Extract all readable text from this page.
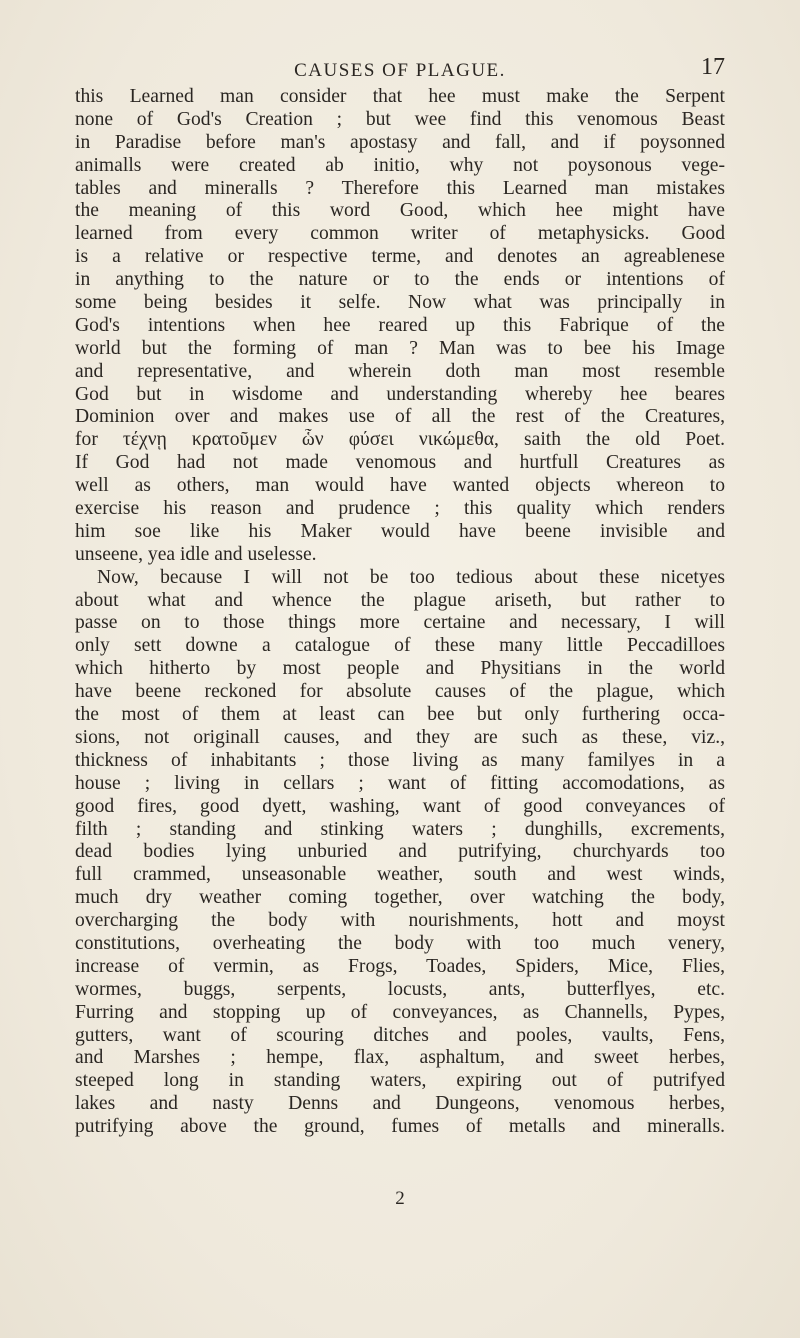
CAUSES OF PLAGUE.	17
this Learned man consider that hee must make the Serpent
none of God's Creation ; but wee find this venomous Beast
in Paradise before man's apostasy and fall, and if poysonned
animalls were created ab initio, why not poysonous vege-
tables and mineralls ? Therefore this Learned man mistakes
the meaning of this word Good, which hee might have
learned from every common writer of metaphysicks. Good
is a relative or respective terme, and denotes an agreablenese
in anything to the nature or to the ends or intentions of
some being besides it selfe. Now what was principally in
God's intentions when hee reared up this Fabrique of the
world but the forming of man ? Man was to bee his Image
and representative, and wherein doth man most resemble
God but in wisdome and understanding whereby hee beares
Dominion over and makes use of all the rest of the Creatures,
for τέχνῃ κρατοῦμεν ὧν φύσει νικώμεθα, saith the old Poet.
If God had not made venomous and hurtfull Creatures as
well as others, man would have wanted objects whereon to
exercise his reason and prudence ; this quality which renders
him soe like his Maker would have beene invisible and
unseene, yea idle and uselesse.
Now, because I will not be too tedious about these nicetyes
about what and whence the plague ariseth, but rather to
passe on to those things more certaine and necessary, I will
only sett downe a catalogue of these many little Peccadilloes
which hitherto by most people and Physitians in the world
have beene reckoned for absolute causes of the plague, which
the most of them at least can bee but only furthering occa-
sions, not originall causes, and they are such as these, viz.,
thickness of inhabitants ; those living as many familyes in a
house ; living in cellars ; want of fitting accomodations, as
good fires, good dyett, washing, want of good conveyances of
filth ; standing and stinking waters ; dunghills, excrements,
dead bodies lying unburied and putrifying, churchyards too
full crammed, unseasonable weather, south and west winds,
much dry weather coming together, over watching the body,
overcharging the body with nourishments, hott and moyst
constitutions, overheating the body with too much venery,
increase of vermin, as Frogs, Toades, Spiders, Mice, Flies,
wormes, buggs, serpents, locusts, ants, butterflyes, etc.
Furring and stopping up of conveyances, as Channells, Pypes,
gutters, want of scouring ditches and pooles, vaults, Fens,
and Marshes ; hempe, flax, asphaltum, and sweet herbes,
steeped long in standing waters, expiring out of putrifyed
lakes and nasty Denns and Dungeons, venomous herbes,
putrifying above the ground, fumes of metalls and mineralls.
2
